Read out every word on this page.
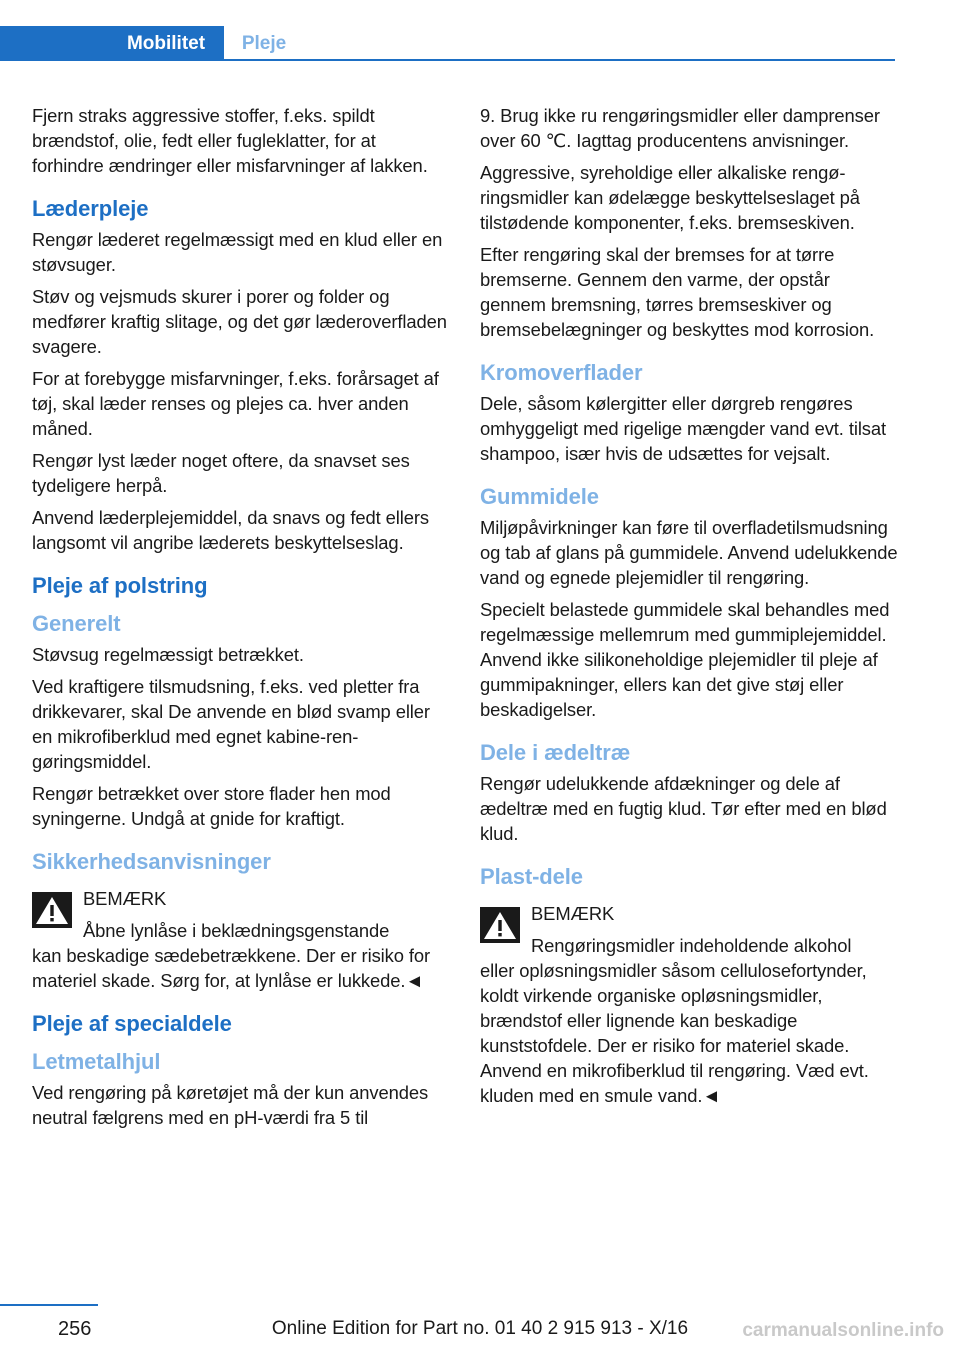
Mobilitet	Pleje

Fjern straks aggressive stoffer, f.eks. spildt brændstof, olie, fedt eller fugleklatter, for at forhindre ændringer eller misfarvninger af lakken.

Læderpleje

Rengør læderet regelmæssigt med en klud eller en støvsuger.

Støv og vejsmuds skurer i porer og folder og medfører kraftig slitage, og det gør læderoverfladen svagere.

For at forebygge misfarvninger, f.eks. forårsaget af tøj, skal læder renses og plejes ca. hver anden måned.

Rengør lyst læder noget oftere, da snavset ses tydeligere herpå.

Anvend læderplejemiddel, da snavs og fedt ellers langsomt vil angribe læderets beskyttelseslag.

Pleje af polstring
Generelt

Støvsug regelmæssigt betrækket.

Ved kraftigere tilsmudsning, f.eks. ved pletter fra drikkevarer, skal De anvende en blød svamp eller en mikrofiberklud med egnet kabine-rengøringsmiddel.

Rengør betrækket over store flader hen mod syningerne. Undgå at gnide for kraftigt.

Sikkerhedsanvisninger

BEMÆRK

Åbne lynlåse i beklædningsgenstande
kan beskadige sædebetrækkene. Der er risiko for materiel skade. Sørg for, at lynlåse er lukkede.◄

Pleje af specialdele
Letmetalhjul

Ved rengøring på køretøjet må der kun anvendes neutral fælgrens med en pH-værdi fra 5 til

9. Brug ikke ru rengøringsmidler eller damprenser over 60 ℃. Iagttag producentens anvisninger.

Aggressive, syreholdige eller alkaliske rengøringsmidler kan ødelægge beskyttelseslaget på tilstødende komponenter, f.eks. bremseskiven.

Efter rengøring skal der bremses for at tørre bremserne. Gennem den varme, der opstår gennem bremsning, tørres bremseskiver og bremsebelægninger og beskyttes mod korrosion.

Kromoverflader

Dele, såsom kølergitter eller dørgreb rengøres omhyggeligt med rigelige mængder vand evt. tilsat shampoo, især hvis de udsættes for vejsalt.

Gummidele

Miljøpåvirkninger kan føre til overfladetilsmudsning og tab af glans på gummidele. Anvend udelukkende vand og egnede plejemidler til rengøring.

Specielt belastede gummidele skal behandles med regelmæssige mellemrum med gummiplejemiddel. Anvend ikke silikoneholdige plejemidler til pleje af gummipakninger, ellers kan det give støj eller beskadigelser.

Dele i ædeltræ

Rengør udelukkende afdækninger og dele af ædeltræ med en fugtig klud. Tør efter med en blød klud.

Plast-dele

BEMÆRK

Rengøringsmidler indeholdende alkohol
eller opløsningsmidler såsom cellulosefortynder, koldt virkende organiske opløsningsmidler, brændstof eller lignende kan beskadige kunststofdele. Der er risiko for materiel skade. Anvend en mikrofiberklud til rengøring. Væd evt. kluden med en smule vand.◄

256	Online Edition for Part no. 01 40 2 915 913 - X/16	carmanualsonline.info
